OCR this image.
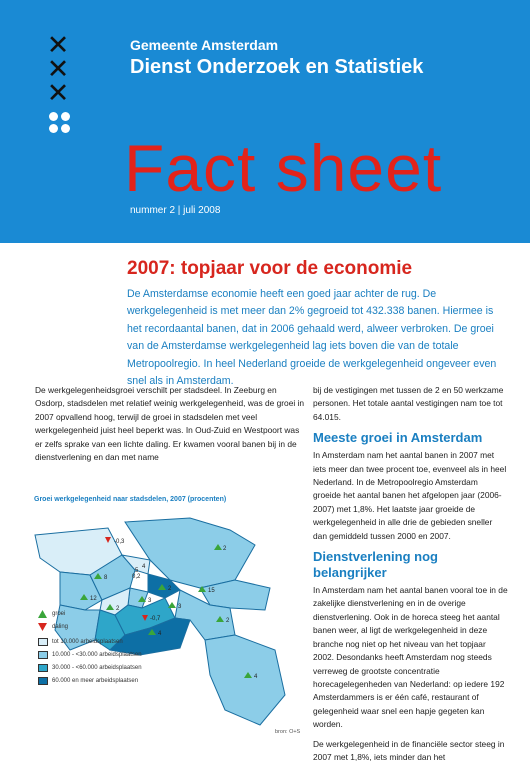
✕
✕
✕
Gemeente Amsterdam
Dienst Onderzoek en Statistiek
Fact sheet
nummer 2 | juli 2008
2007: topjaar voor de economie
De Amsterdamse economie heeft een goed jaar achter de rug. De werkgelegenheid is met meer dan 2% gegroeid tot 432.338 banen. Hiermee is het recordaantal banen, dat in 2006 gehaald werd, alweer verbroken. De groei van de Amsterdamse werkgelegenheid lag iets boven die van de totale Metropoolregio. In heel Nederland groeide de werkgelegenheid ongeveer even snel als in Amsterdam.

De werkgelegenheidsgroei verschilt per stadsdeel. In Zeeburg en Osdorp, stadsdelen met relatief weinig werkgelegenheid, was de groei in 2007 opvallend hoog, terwijl de groei in stadsdelen met veel werkgelegenheid juist heel beperkt was. In Oud-Zuid en Westpoort was er zelfs sprake van een lichte daling. Er kwamen vooral banen bij in de dienstverlening en dan met name

bij de vestigingen met tussen de 2 en 50 werkzame personen. Het totale aantal vestigingen nam toe tot 64.015.

Meeste groei in Amsterdam

In Amsterdam nam het aantal banen in 2007 met iets meer dan twee procent toe, evenveel als in heel Nederland. In de Metropoolregio Amsterdam groeide het aantal banen het afgelopen jaar (2006-2007) met 1,8%. Het laatste jaar groeide de werkgelegenheid in alle drie de gebieden sneller dan gemiddeld tussen 2000 en 2007.

Dienstverlening nog belangrijker

In Amsterdam nam het aantal banen vooral toe in de zakelijke dienstverlening en in de overige dienstverlening. Ook in de horeca steeg het aantal banen weer, al ligt de werkgelegenheid in deze branche nog niet op het niveau van het topjaar 2002. Desondanks heeft Amsterdam nog steeds verreweg de grootste concentratie horecagelegenheden van Nederland: op iedere 192 Amsterdammers is er één café, restaurant of gelegenheid waar snel een hapje gegeten kan worden.

De werkgelegenheid in de financiële sector steeg in 2007 met 1,8%, iets minder dan het

Groei werkgelegenheid naar stadsdelen, 2007 (procenten)
-0,3
2
4
5
0,2
8
12
2
3
15
-0,7
2	3
2
4
4
groei
daling
tot 10.000 arbeidsplaatsen
10.000 - <30.000 arbeidsplaatsen
30.000 - <60.000 arbeidsplaatsen
60.000 en meer arbeidsplaatsen
bron: O+S
